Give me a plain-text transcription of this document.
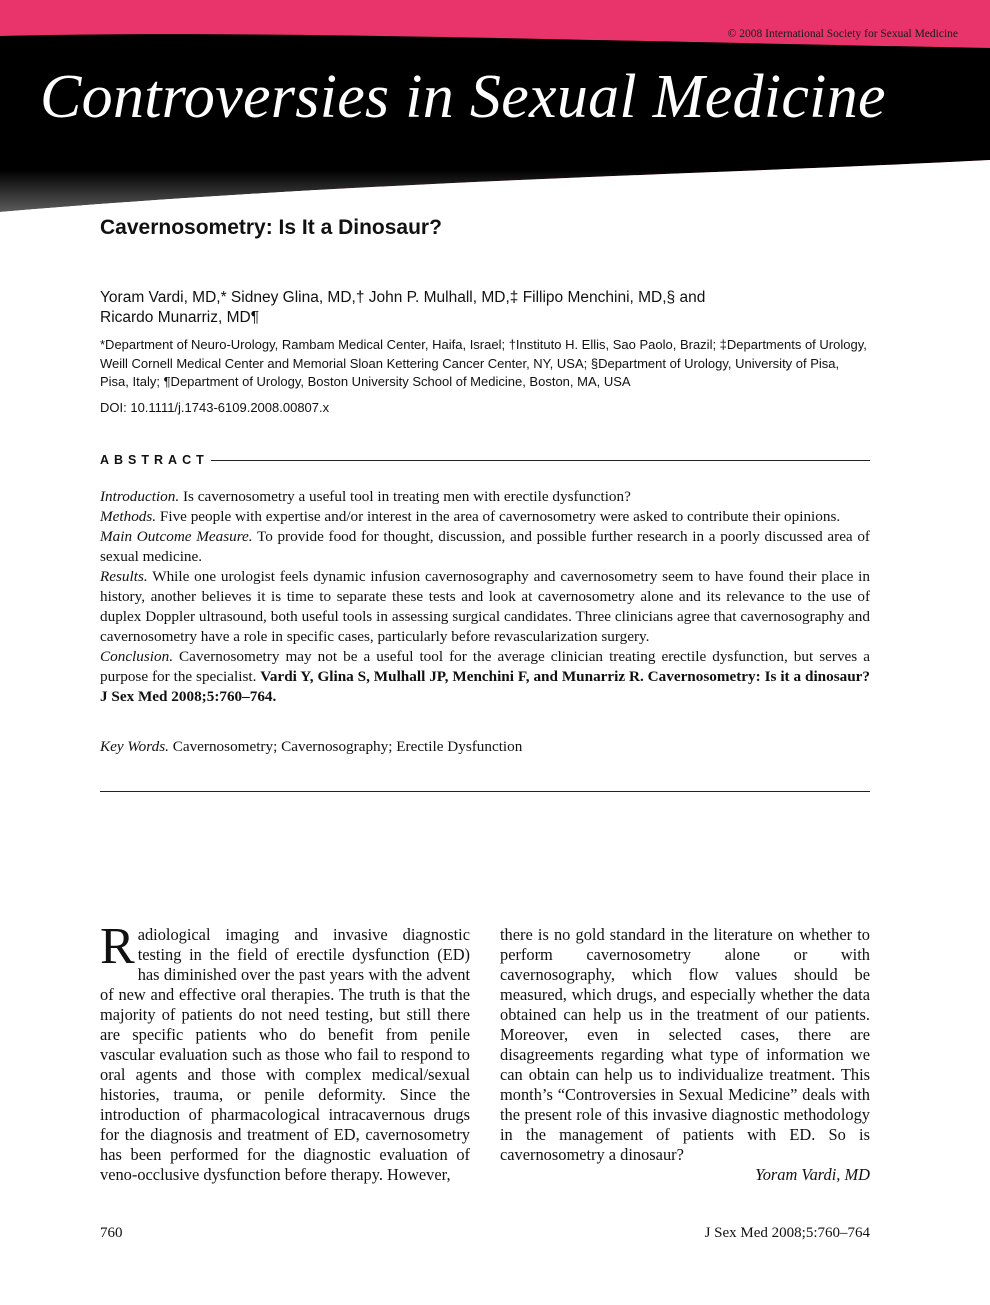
© 2008 International Society for Sexual Medicine
Controversies in Sexual Medicine
Cavernosometry: Is It a Dinosaur?
Yoram Vardi, MD,* Sidney Glina, MD,† John P. Mulhall, MD,‡ Fillipo Menchini, MD,§ and
Ricardo Munarriz, MD¶
*Department of Neuro-Urology, Rambam Medical Center, Haifa, Israel; †Instituto H. Ellis, Sao Paolo, Brazil; ‡Departments of Urology, Weill Cornell Medical Center and Memorial Sloan Kettering Cancer Center, NY, USA; §Department of Urology, University of Pisa, Pisa, Italy; ¶Department of Urology, Boston University School of Medicine, Boston, MA, USA
DOI: 10.1111/j.1743-6109.2008.00807.x
ABSTRACT

Introduction. Is cavernosometry a useful tool in treating men with erectile dysfunction?

Methods. Five people with expertise and/or interest in the area of cavernosometry were asked to contribute their opinions.

Main Outcome Measure. To provide food for thought, discussion, and possible further research in a poorly discussed area of sexual medicine.

Results. While one urologist feels dynamic infusion cavernosography and cavernosometry seem to have found their place in history, another believes it is time to separate these tests and look at cavernosometry alone and its relevance to the use of duplex Doppler ultrasound, both useful tools in assessing surgical candidates. Three clinicians agree that cavernosography and cavernosometry have a role in specific cases, particularly before revascularization surgery.

Conclusion. Cavernosometry may not be a useful tool for the average clinician treating erectile dysfunction, but serves a purpose for the specialist. Vardi Y, Glina S, Mulhall JP, Menchini F, and Munarriz R. Cavernosometry: Is it a dinosaur? J Sex Med 2008;5:760–764.

Key Words. Cavernosometry; Cavernosography; Erectile Dysfunction

Radiological imaging and invasive diagnostic testing in the field of erectile dysfunction (ED) has diminished over the past years with the advent of new and effective oral therapies. The truth is that the majority of patients do not need testing, but still there are specific patients who do benefit from penile vascular evaluation such as those who fail to respond to oral agents and those with complex medical/sexual histories, trauma, or penile deformity. Since the introduction of pharmacological intracavernous drugs for the diagnosis and treatment of ED, cavernosometry has been performed for the diagnostic evaluation of veno-occlusive dysfunction before therapy. However,

there is no gold standard in the literature on whether to perform cavernosometry alone or with cavernosography, which flow values should be measured, which drugs, and especially whether the data obtained can help us in the treatment of our patients. Moreover, even in selected cases, there are disagreements regarding what type of information we can obtain can help us to individualize treatment. This month’s “Controversies in Sexual Medicine” deals with the present role of this invasive diagnostic methodology in the management of patients with ED. So is cavernosometry a dinosaur?

Yoram Vardi, MD

760	J Sex Med 2008;5:760–764
